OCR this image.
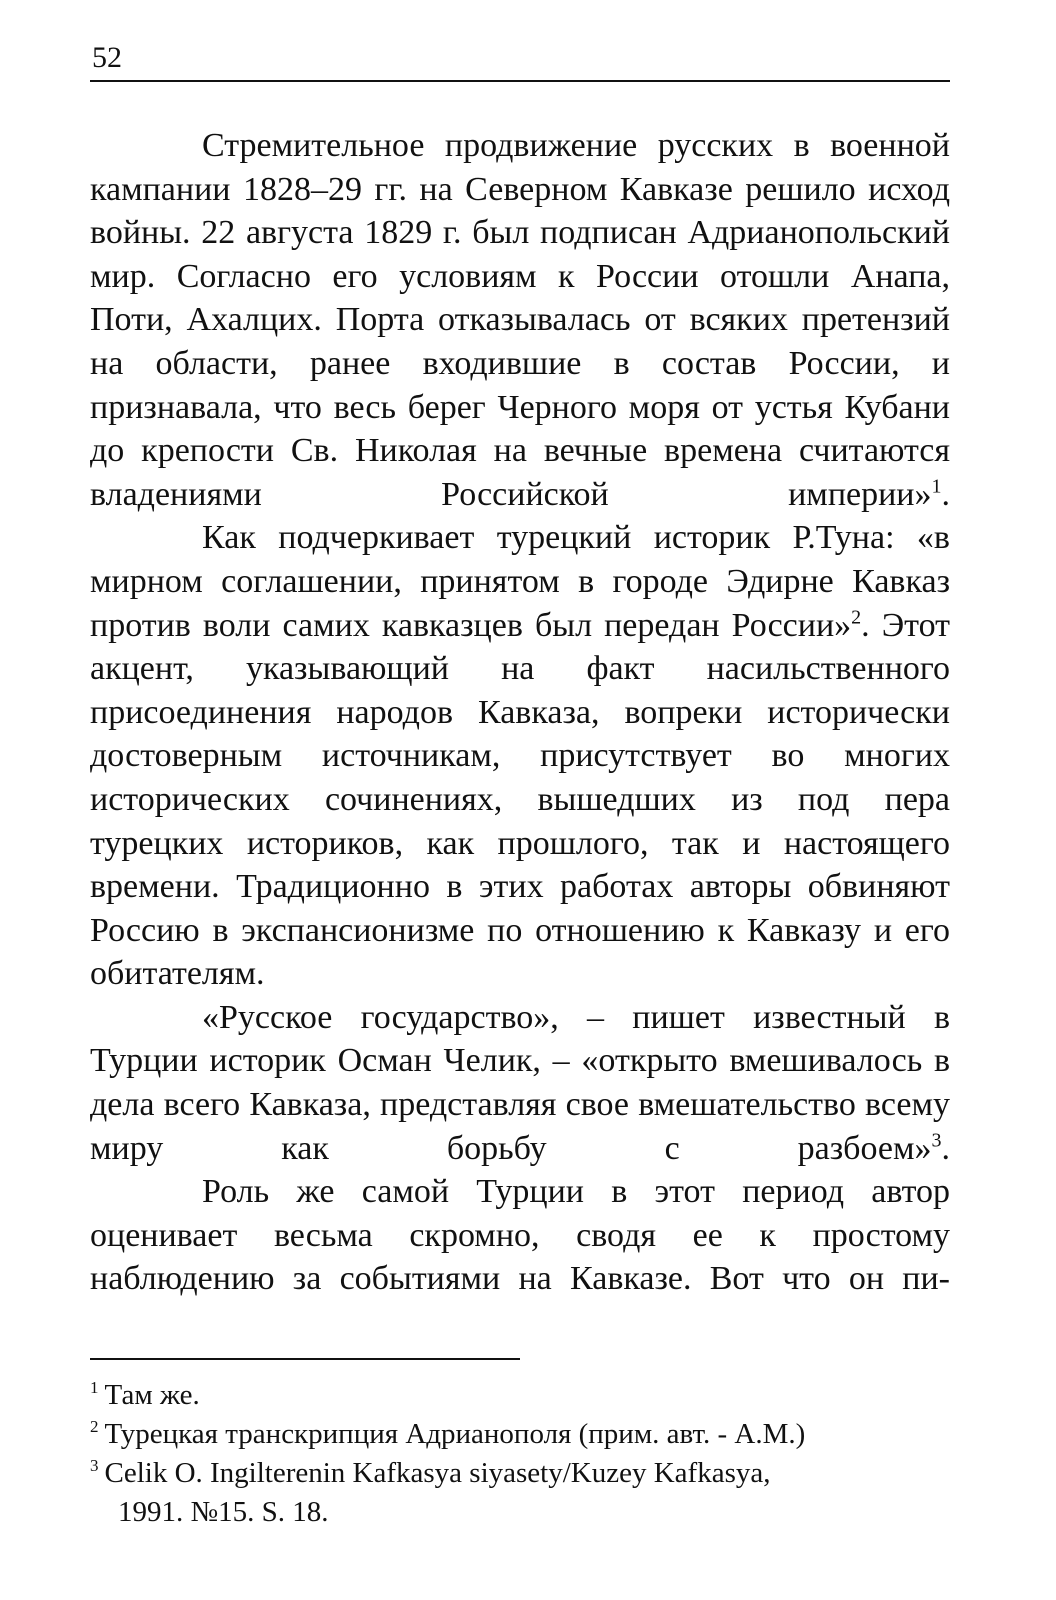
52

Стремительное продвижение русских в военной кампании 1828–29 гг. на Северном Кавказе решило исход войны. 22 августа 1829 г. был подписан Адрианопольский мир. Согласно его условиям к России отошли Анапа, Поти, Ахалцих. Порта отказывалась от всяких претензий на области, ранее входившие в состав России, и признавала, что весь берег Черного моря от устья Кубани до крепости Св. Николая на вечные времена считаются владениями Российской империи»$^1$.

Как подчеркивает турецкий историк Р.Туна: «в мирном соглашении, принятом в городе Эдирне Кавказ против воли самих кавказцев был передан России»$^2$. Этот акцент, указывающий на факт насильственного присоединения народов Кавказа, вопреки исторически достоверным источникам, присутствует во многих исторических сочинениях, вышедших из под пера турецких историков, как прошлого, так и настоящего времени. Традиционно в этих работах авторы обвиняют Россию в экспансионизме по отношению к Кавказу и его обитателям.

«Русское государство», – пишет известный в Турции историк Осман Челик, – «открыто вмешивалось в дела всего Кавказа, представляя свое вмешательство всему миру как борьбу с разбоем»$^3$.

Роль же самой Турции в этот период автор оценивает весьма скромно, сводя ее к простому наблюдению за событиями на Кавказе. Вот что он пи-

$^1$ Там же.

$^2$ Турецкая транскрипция Адрианополя (прим. авт. - А.М.)

$^3$ Celik O. Ingilterenin Kafkasya siyasety/Kuzey Kafkasya,
1991. №15. S. 18.
